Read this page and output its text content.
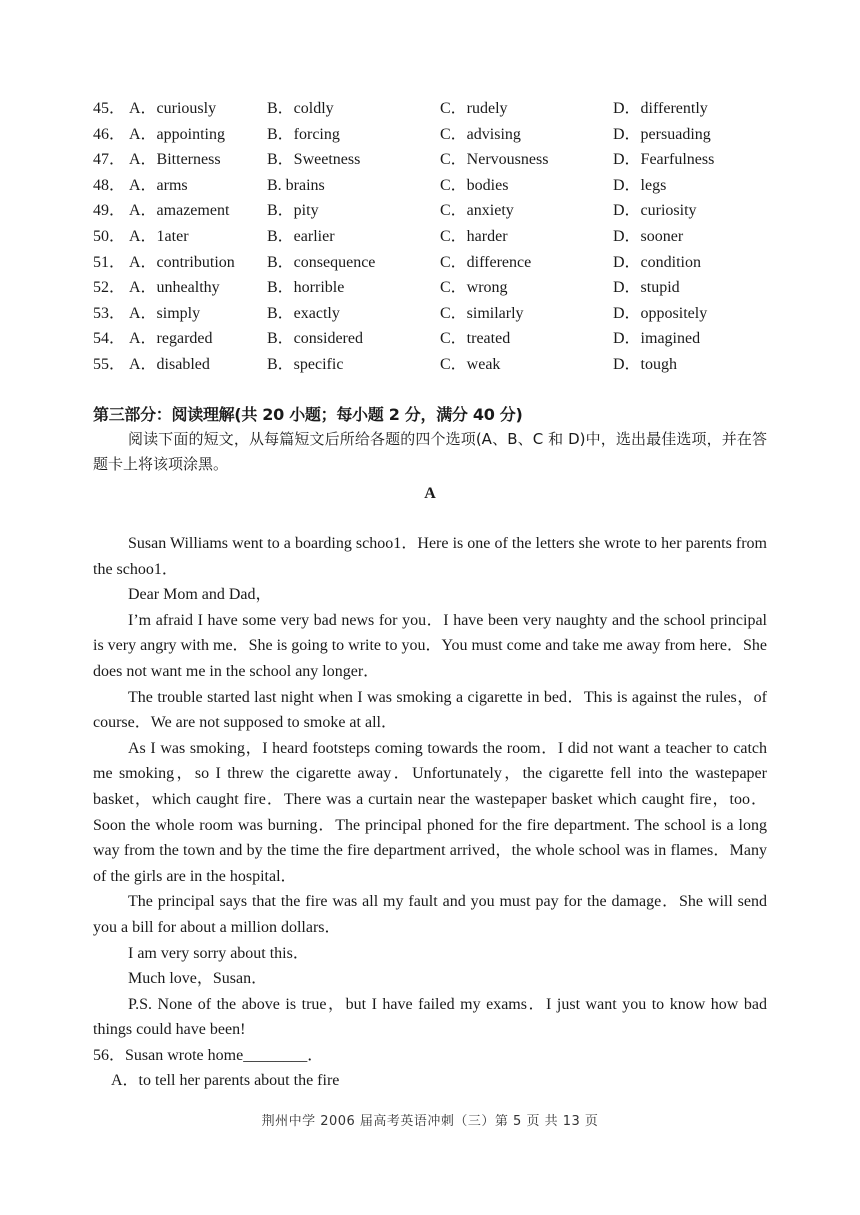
45． A．curiously	B．coldly	C．rudely	D．differently
46． A．appointing	B．forcing	C．advising	D．persuading
47． A．Bitterness	B．Sweetness	C．Nervousness	D．Fearfulness
48． A．arms	B. brains	C．bodies	D．legs
49． A．amazement B．pity	C．anxiety	D．curiosity
50． A．1ater	B．earlier	C．harder	D．sooner
51． A．contribution B．consequence	C．difference	D．condition
52． A．unhealthy	B．horrible	C．wrong	D．stupid
53． A．simply	B．exactly	C．similarly	D．oppositely
54． A．regarded	B．considered	C．treated	D．imagined
55． A．disabled	B．specific	C．weak	D．tough
第三部分：阅读理解(共 20 小题；每小题 2 分，满分 40 分)
阅读下面的短文，从每篇短文后所给各题的四个选项(A、B、C 和 D)中，选出最佳选项，并在答题卡上将该项涂黑。
A

Susan Williams went to a boarding schoo1．Here is one of the letters she wrote to her parents from the schoo1．

Dear Mom and Dad，

I’m afraid I have some very bad news for you．I have been very naughty and the school principal is very angry with me．She is going to write to you．You must come and take me away from here．She does not want me in the school any longer．

The trouble started last night when I was smoking a cigarette in bed．This is against the rules，of course．We are not supposed to smoke at all．

As I was smoking，I heard footsteps coming towards the room．I did not want a teacher to catch me smoking，so I threw the cigarette away．Unfortunately，the cigarette fell into the wastepaper basket，which caught fire．There was a curtain near the wastepaper basket which caught fire，too．Soon the whole room was burning．The principal phoned for the fire department. The school is a long way from the town and by the time the fire department arrived，the whole school was in flames．Many of the girls are in the hospital．

The principal says that the fire was all my fault and you must pay for the damage．She will send you a bill for about a million dollars．

I am very sorry about this．

Much love，Susan．

P.S. None of the above is true，but I have failed my exams．I just want you to know how bad things could have been!

56．Susan wrote home________．

A．to tell her parents about the fire

荆州中学 2006 届高考英语冲刺（三）第 5 页 共 13 页
